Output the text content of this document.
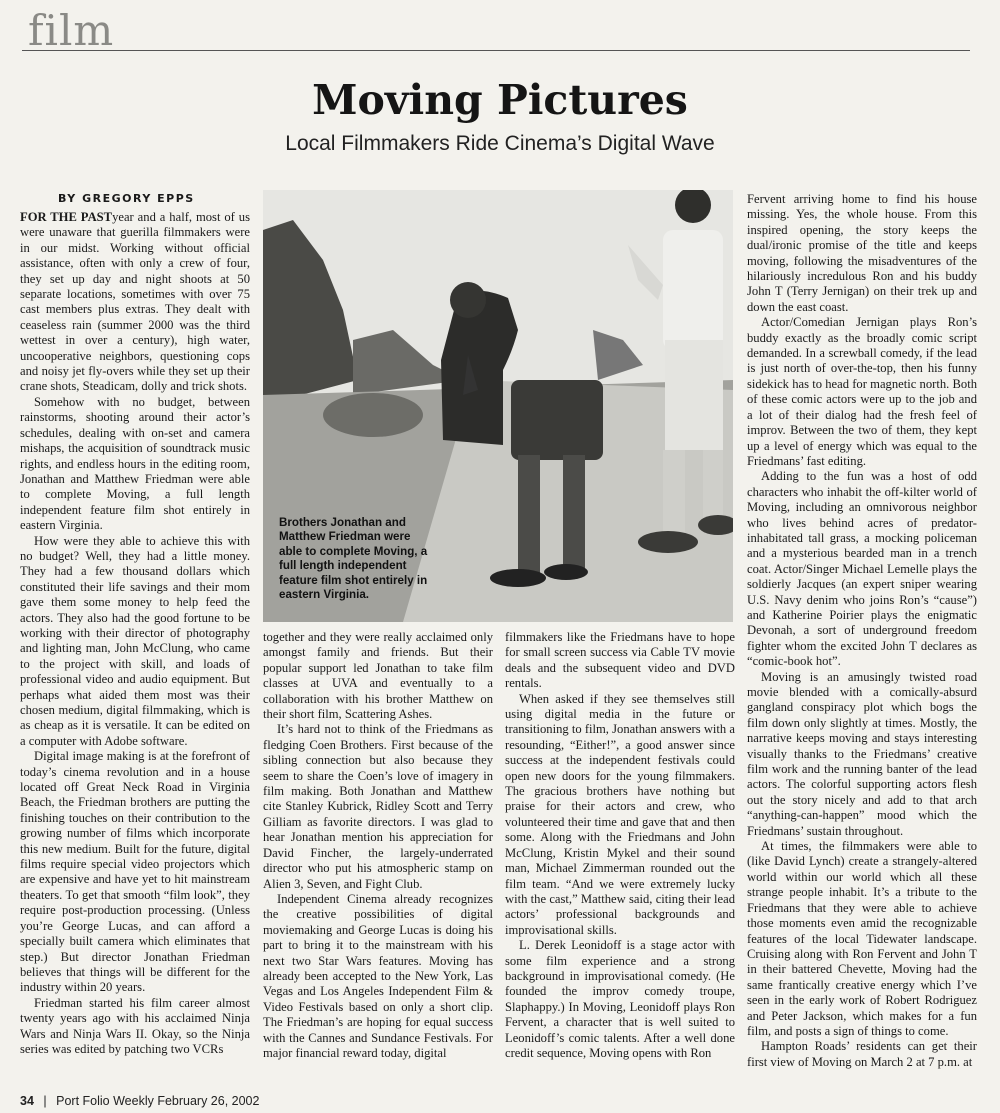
film
Moving Pictures
Local Filmmakers Ride Cinema’s Digital Wave
BY GREGORY EPPS

FOR THE PASTyear and a half, most of us were unaware that guerilla filmmakers were in our midst. Working without official assistance, often with only a crew of four, they set up day and night shoots at 50 separate locations, sometimes with over 75 cast members plus extras. They dealt with ceaseless rain (summer 2000 was the third wettest in over a century), high water, uncooperative neighbors, questioning cops and noisy jet fly-overs while they set up their crane shots, Steadicam, dolly and trick shots.

Somehow with no budget, between rainstorms, shooting around their actor’s schedules, dealing with on-set and camera mishaps, the acquisition of soundtrack music rights, and endless hours in the editing room, Jonathan and Matthew Friedman were able to complete Moving, a full length independent feature film shot entirely in eastern Virginia.

How were they able to achieve this with no budget? Well, they had a little money. They had a few thousand dollars which constituted their life savings and their mom gave them some money to help feed the actors. They also had the good fortune to be working with their director of photography and lighting man, John McClung, who came to the project with skill, and loads of professional video and audio equipment. But perhaps what aided them most was their chosen medium, digital filmmaking, which is as cheap as it is versatile. It can be edited on a computer with Adobe software.

Digital image making is at the forefront of today’s cinema revolution and in a house located off Great Neck Road in Virginia Beach, the Friedman brothers are putting the finishing touches on their contribution to the growing number of films which incorporate this new medium. Built for the future, digital films require special video projectors which are expensive and have yet to hit mainstream theaters. To get that smooth “film look”, they require post-production processing. (Unless you’re George Lucas, and can afford a specially built camera which eliminates that step.) But director Jonathan Friedman believes that things will be different for the industry within 20 years.

Friedman started his film career almost twenty years ago with his acclaimed Ninja Wars and Ninja Wars II. Okay, so the Ninja series was edited by patching two VCRs

together and they were really acclaimed only amongst family and friends. But their popular support led Jonathan to take film classes at UVA and eventually to a collaboration with his brother Matthew on their short film, Scattering Ashes.

It’s hard not to think of the Friedmans as fledging Coen Brothers. First because of the sibling connection but also because they seem to share the Coen’s love of imagery in film making. Both Jonathan and Matthew cite Stanley Kubrick, Ridley Scott and Terry Gilliam as favorite directors. I was glad to hear Jonathan mention his appreciation for David Fincher, the largely-underrated director who put his atmospheric stamp on Alien 3, Seven, and Fight Club.

Independent Cinema already recognizes the creative possibilities of digital moviemaking and George Lucas is doing his part to bring it to the mainstream with his next two Star Wars features. Moving has already been accepted to the New York, Las Vegas and Los Angeles Independent Film & Video Festivals based on only a short clip. The Friedman’s are hoping for equal success with the Cannes and Sundance Festivals. For major financial reward today, digital

filmmakers like the Friedmans have to hope for small screen success via Cable TV movie deals and the subsequent video and DVD rentals.

When asked if they see themselves still using digital media in the future or transitioning to film, Jonathan answers with a resounding, “Either!”, a good answer since success at the independent festivals could open new doors for the young filmmakers. The gracious brothers have nothing but praise for their actors and crew, who volunteered their time and gave that and then some. Along with the Friedmans and John McClung, Kristin Mykel and their sound man, Michael Zimmerman rounded out the film team. “And we were extremely lucky with the cast,” Matthew said, citing their lead actors’ professional backgrounds and improvisational skills.

L. Derek Leonidoff is a stage actor with some film experience and a strong background in improvisational comedy. (He founded the improv comedy troupe, Slaphappy.) In Moving, Leonidoff plays Ron Fervent, a character that is well suited to Leonidoff’s comic talents. After a well done credit sequence, Moving opens with Ron

Fervent arriving home to find his house missing. Yes, the whole house. From this inspired opening, the story keeps the dual/ironic promise of the title and keeps moving, following the misadventures of the hilariously incredulous Ron and his buddy John T (Terry Jernigan) on their trek up and down the east coast.

Actor/Comedian Jernigan plays Ron’s buddy exactly as the broadly comic script demanded. In a screwball comedy, if the lead is just north of over-the-top, then his funny sidekick has to head for magnetic north. Both of these comic actors were up to the job and a lot of their dialog had the fresh feel of improv. Between the two of them, they kept up a level of energy which was equal to the Friedmans’ fast editing.

Adding to the fun was a host of odd characters who inhabit the off-kilter world of Moving, including an omnivorous neighbor who lives behind acres of predator-inhabitated tall grass, a mocking policeman and a mysterious bearded man in a trench coat. Actor/Singer Michael Lemelle plays the soldierly Jacques (an expert sniper wearing U.S. Navy denim who joins Ron’s “cause”) and Katherine Poirier plays the enigmatic Devonah, a sort of underground freedom fighter whom the excited John T declares as “comic-book hot”.

Moving is an amusingly twisted road movie blended with a comically-absurd gangland conspiracy plot which bogs the film down only slightly at times. Mostly, the narrative keeps moving and stays interesting visually thanks to the Friedmans’ creative film work and the running banter of the lead actors. The colorful supporting actors flesh out the story nicely and add to that arch “anything-can-happen” mood which the Friedmans’ sustain throughout.

At times, the filmmakers were able to (like David Lynch) create a strangely-altered world within our world which all these strange people inhabit. It’s a tribute to the Friedmans that they were able to achieve those moments even amid the recognizable features of the local Tidewater landscape. Cruising along with Ron Fervent and John T in their battered Chevette, Moving had the same frantically creative energy which I’ve seen in the early work of Robert Rodriguez and Peter Jackson, which makes for a fun film, and posts a sign of things to come.

Hampton Roads’ residents can get their first view of Moving on March 2 at 7 p.m. at

Brothers Jonathan and Matthew Friedman were able to complete Moving, a full length independent feature film shot entirely in eastern Virginia.
34 | Port Folio Weekly February 26, 2002
